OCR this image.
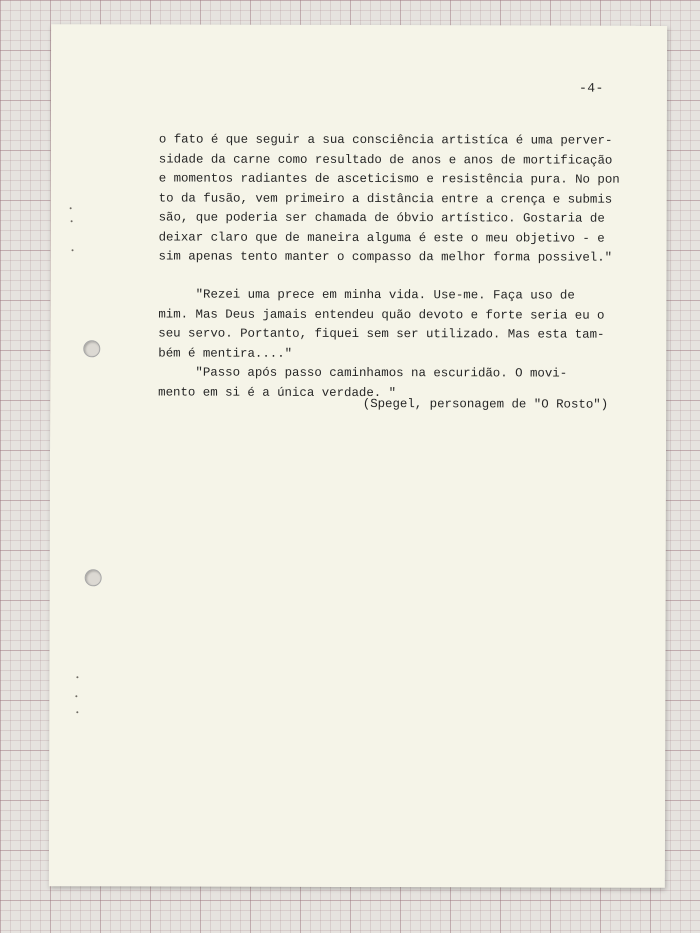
-4-

o fato é que seguir a sua consciência artistíca é uma perver-
sidade da carne como resultado de anos e anos de mortificação
e momentos radiantes de asceticismo e resistência pura. No pon
to da fusão, vem primeiro a distância entre a crença e submis
são, que poderia ser chamada de óbvio artístico. Gostaria de
deixar claro que de maneira alguma é este o meu objetivo - e
sim apenas tento manter o compasso da melhor forma possivel."

"Rezei uma prece em minha vida. Use-me. Faça uso de
mim. Mas Deus jamais entendeu quão devoto e forte seria eu o
seu servo. Portanto, fiquei sem ser utilizado. Mas esta tam-
bém é mentira...."

"Passo após passo caminhamos na escuridão. O movi-
mento em si é a única verdade. "

(Spegel, personagem de "O Rosto")
